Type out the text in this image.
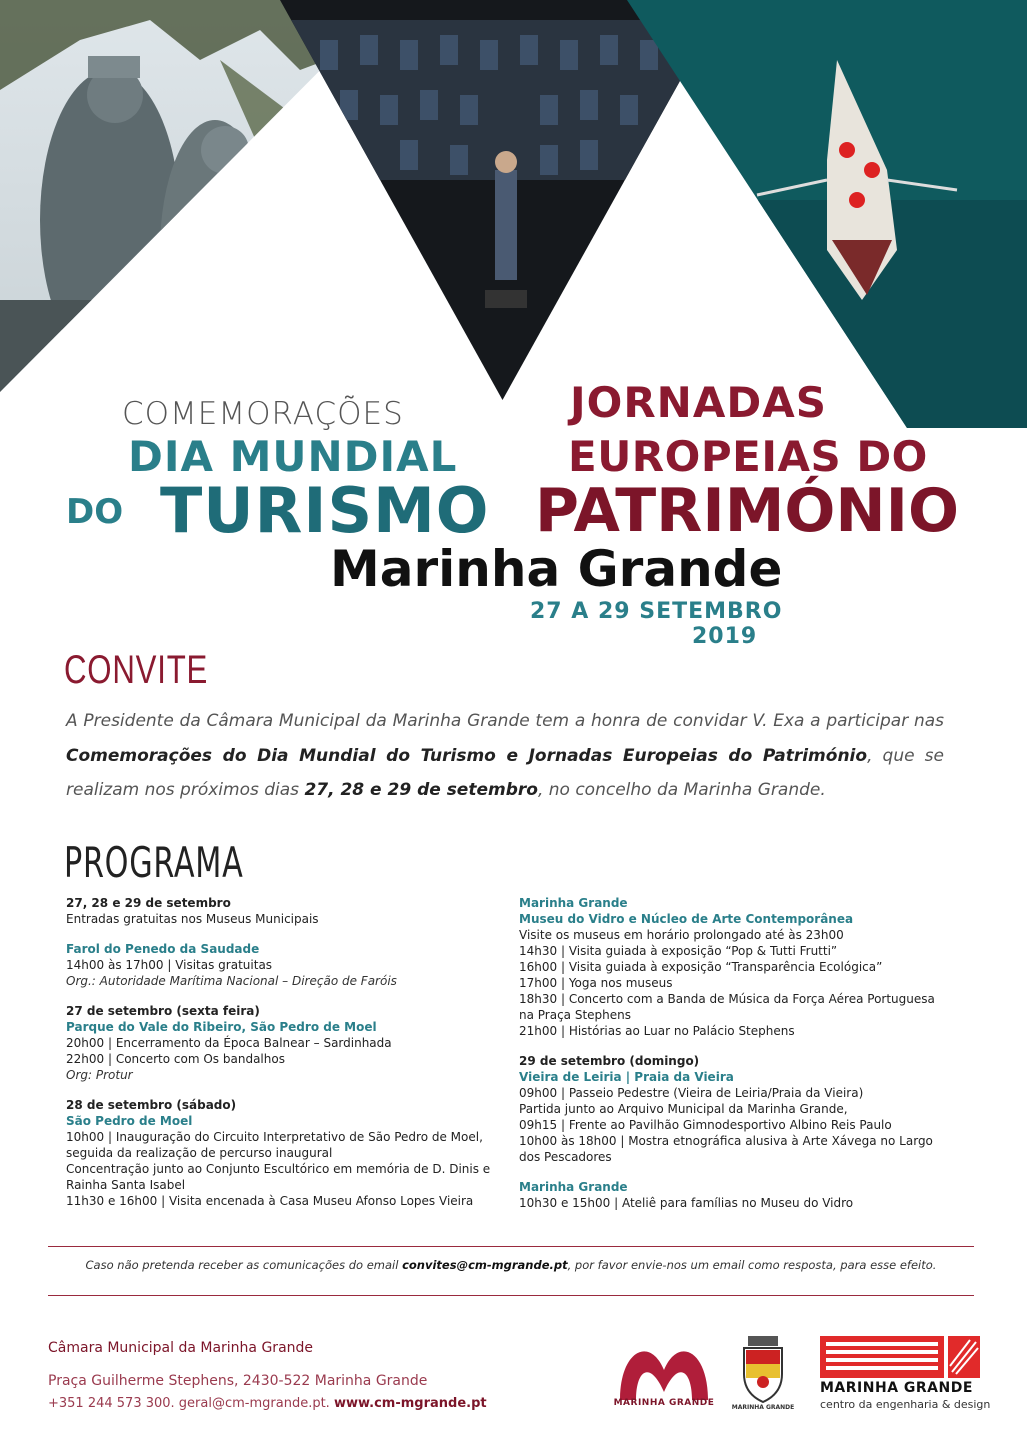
COMEMORAÇÕES
DIA MUNDIAL
DO TURISMO
JORNADAS
EUROPEIAS DO
PATRIMÓNIO
Marinha Grande
27 A 29 SETEMBRO
2019
CONVITE
A Presidente da Câmara Municipal da Marinha Grande tem a honra de convidar V. Exa a participar nas Comemorações do Dia Mundial do Turismo e Jornadas Europeias do Património, que se realizam nos próximos dias 27, 28 e 29 de setembro, no concelho da Marinha Grande.
PROGRAMA
27, 28 e 29 de setembro
Entradas gratuitas nos Museus Municipais
Farol do Penedo da Saudade
14h00 às 17h00 | Visitas gratuitas
Org.: Autoridade Marítima Nacional – Direção de Faróis
27 de setembro (sexta feira)
Parque do Vale do Ribeiro, São Pedro de Moel
20h00 | Encerramento da Época Balnear – Sardinhada
22h00 | Concerto com Os bandalhos
Org: Protur
28 de setembro (sábado)
São Pedro de Moel
10h00 | Inauguração do Circuito Interpretativo de São Pedro de Moel, seguida da realização de percurso inaugural
Concentração junto ao Conjunto Escultórico em memória de D. Dinis e Rainha Santa Isabel
11h30 e 16h00 | Visita encenada à Casa Museu Afonso Lopes Vieira
Marinha Grande
Museu do Vidro e Núcleo de Arte Contemporânea
Visite os museus em horário prolongado até às 23h00
14h30 | Visita guiada à exposição “Pop & Tutti Frutti”
16h00 | Visita guiada à exposição “Transparência Ecológica”
17h00 | Yoga nos museus
18h30 | Concerto com a Banda de Música da Força Aérea Portuguesa na Praça Stephens
21h00 | Histórias ao Luar no Palácio Stephens
29 de setembro (domingo)
Vieira de Leiria | Praia da Vieira
09h00 | Passeio Pedestre (Vieira de Leiria/Praia da Vieira)
Partida junto ao Arquivo Municipal da Marinha Grande,
09h15 | Frente ao Pavilhão Gimnodesportivo Albino Reis Paulo
10h00 às 18h00 | Mostra etnográfica alusiva à Arte Xávega no Largo dos Pescadores
Marinha Grande
10h30 e 15h00 | Ateliê para famílias no Museu do Vidro
Caso não pretenda receber as comunicações do email convites@cm-mgrande.pt, por favor envie-nos um email como resposta, para esse efeito.
Câmara Municipal da Marinha Grande
Praça Guilherme Stephens, 2430-522 Marinha Grande
+351 244 573 300. geral@cm-mgrande.pt. www.cm-mgrande.pt	MARINHA GRANDE	MARINHA GRANDE
MARINHA GRANDE
centro da engenharia & design
